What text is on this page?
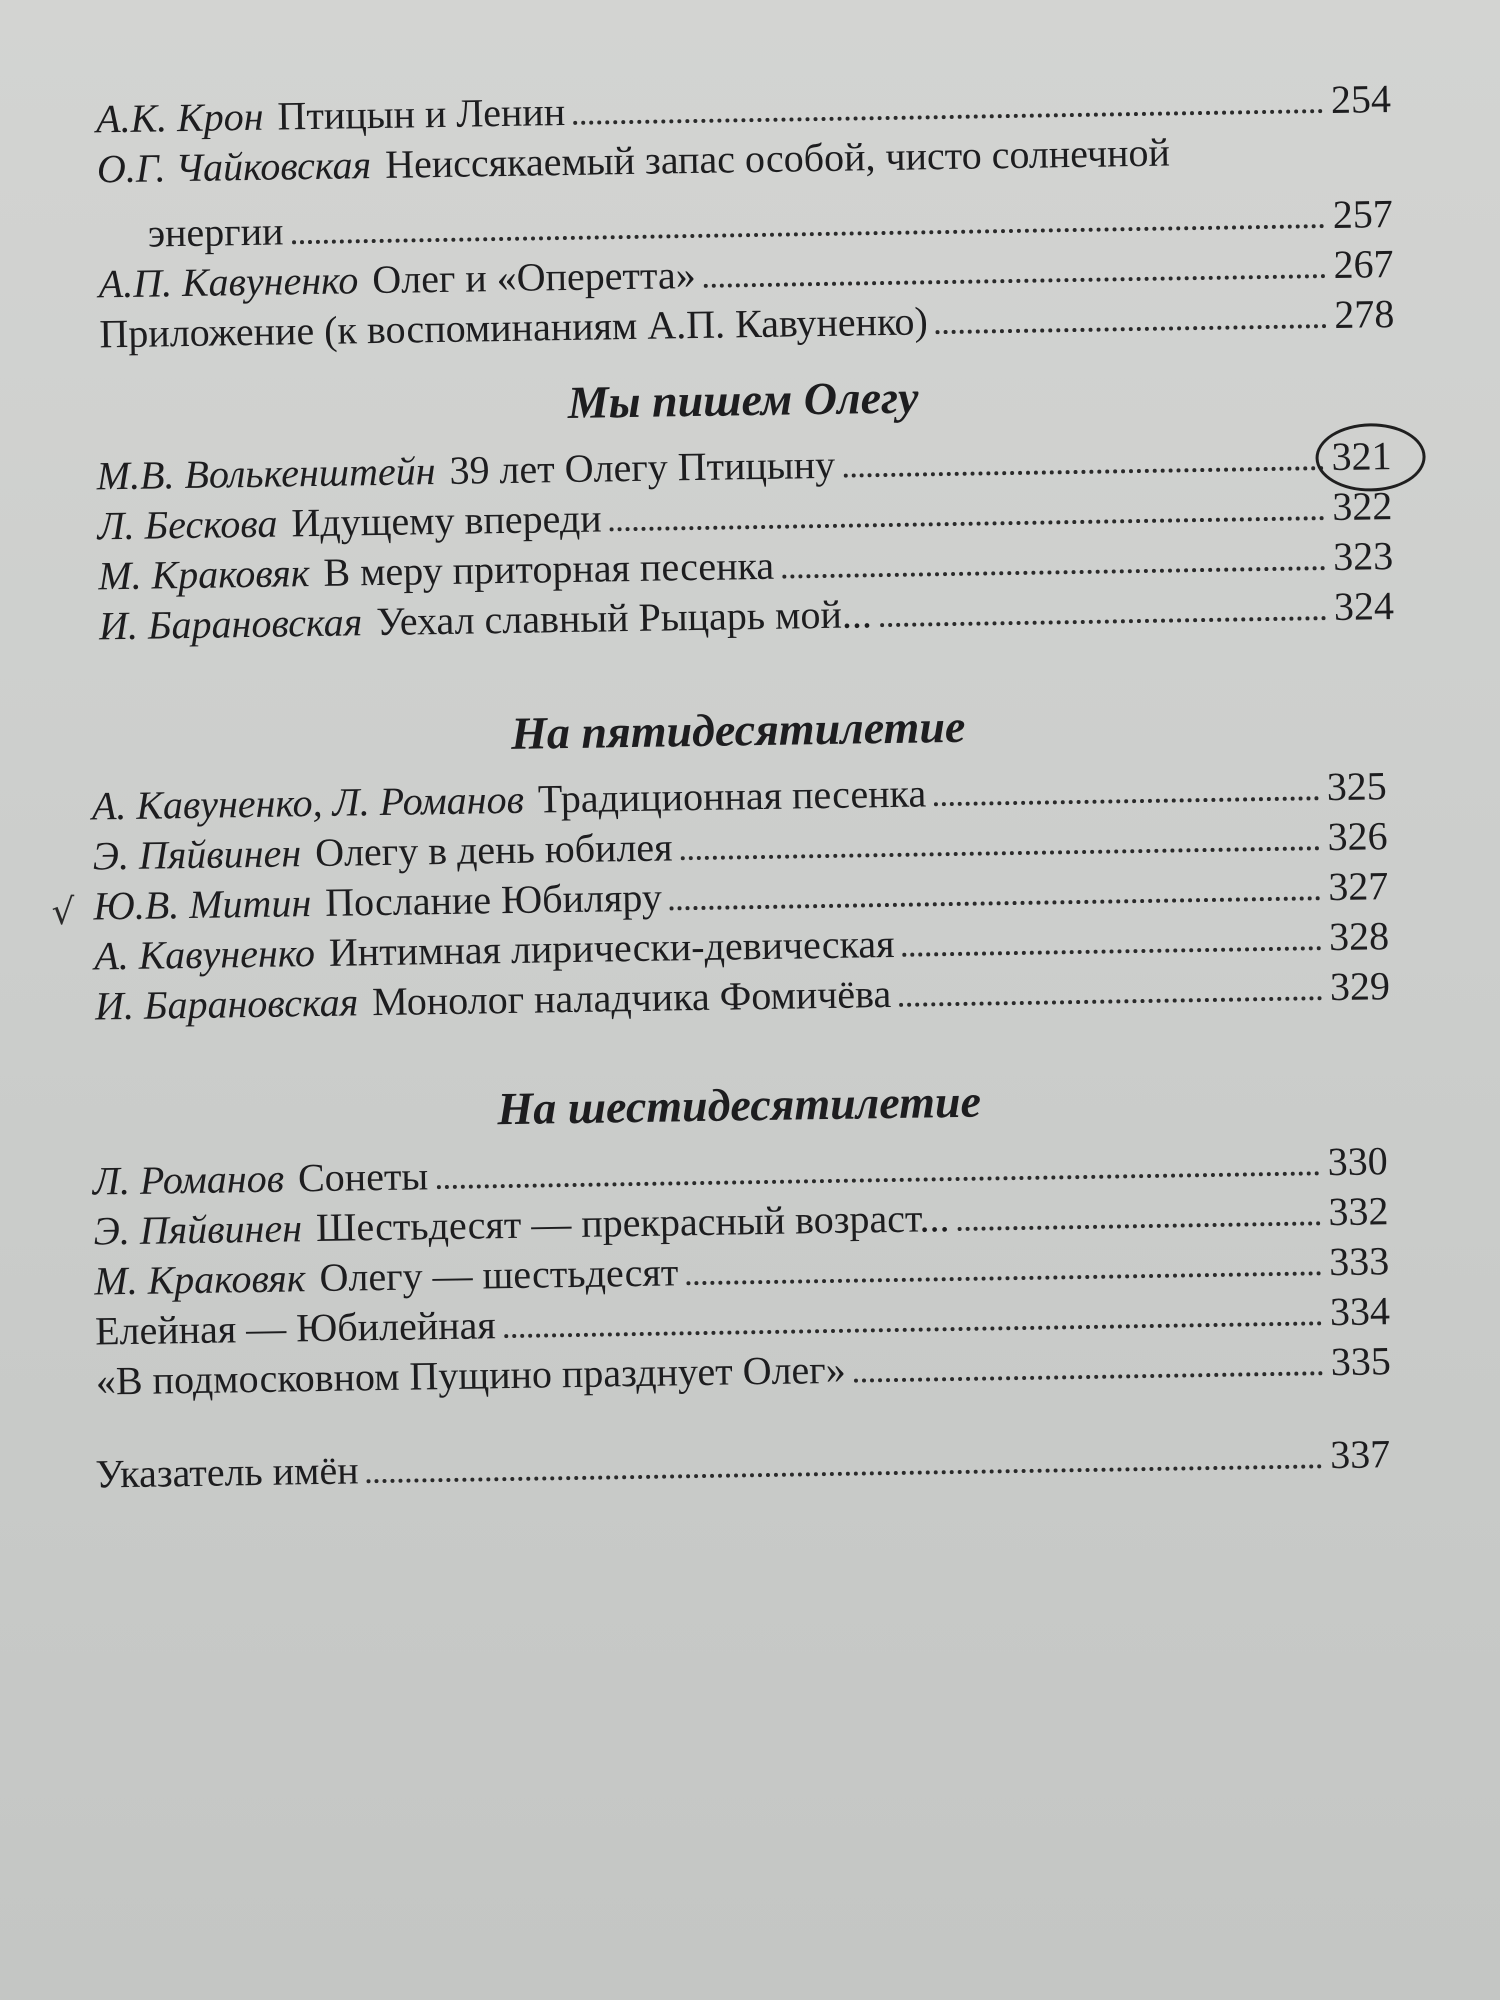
А.К. Крон Птицын и Ленин	254
О.Г. Чайковская Неиссякаемый запас особой, чисто солнечной
энергии	257
А.П. Кавуненко Олег и «Оперетта»	267
Приложение (к воспоминаниям А.П. Кавуненко)	278
Мы пишем Олегу
М.В. Волькенштейн 39 лет Олегу Птицыну	321
Л. Бескова Идущему впереди	322
М. Краковяк В меру приторная песенка	323
И. Барановская Уехал славный Рыцарь мой...	324
На пятидесятилетие
А. Кавуненко, Л. Романов Традиционная песенка	325
Э. Пяйвинен Олегу в день юбилея	326
√ Ю.В. Митин Послание Юбиляру	327
А. Кавуненко Интимная лирически-девическая	328
И. Барановская Монолог наладчика Фомичёва	329
На шестидесятилетие
Л. Романов Сонеты	330
Э. Пяйвинен Шестьдесят — прекрасный возраст...	332
М. Краковяк Олегу — шестьдесят	333
Елейная — Юбилейная	334
«В подмосковном Пущино празднует Олег»	335
Указатель имён	337
